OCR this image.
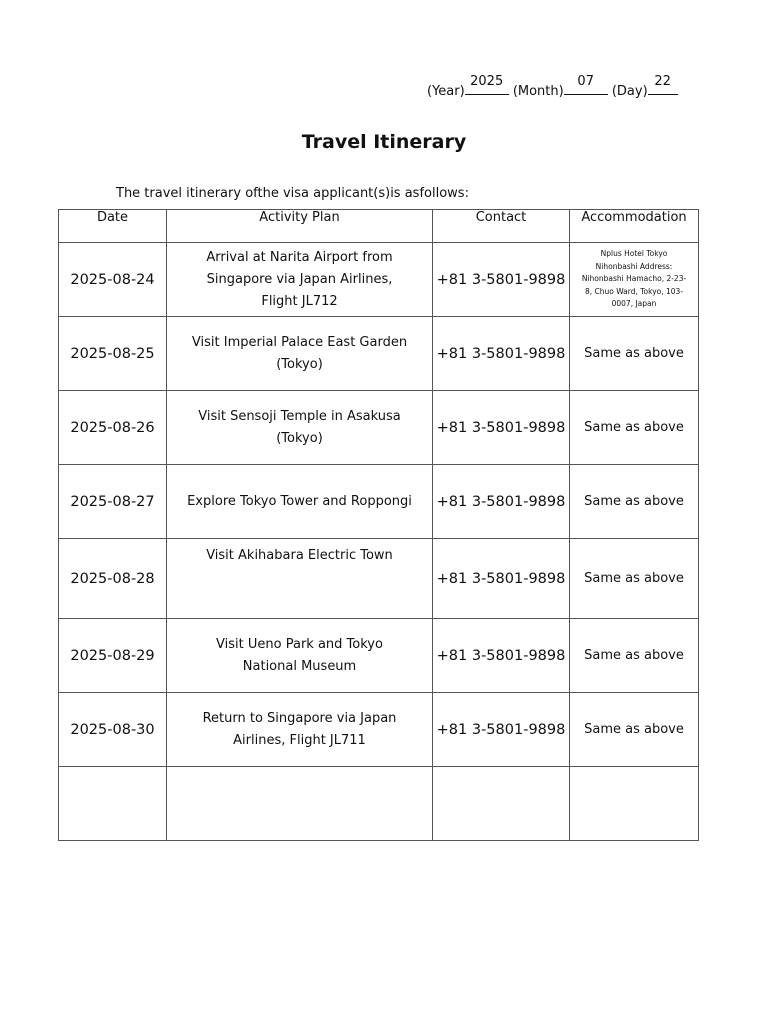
(Year)
2025
(Month)
07
(Day)
22
Travel Itinerary
The travel itinerary ofthe visa applicant(s)is asfollows:
Date	Activity Plan	Contact	Accommodation
2025-08-24	Arrival at Narita Airport from Singapore via Japan Airlines, Flight JL712	+81 3-5801-9898	Nplus Hotel Tokyo Nihonbashi Address: Nihonbashi Hamacho, 2-23-8, Chuo Ward, Tokyo, 103-0007, Japan
2025-08-25	Visit Imperial Palace East Garden (Tokyo)	+81 3-5801-9898	Same as above
2025-08-26	Visit Sensoji Temple in Asakusa (Tokyo)	+81 3-5801-9898	Same as above
2025-08-27	Explore Tokyo Tower and Roppongi	+81 3-5801-9898	Same as above
2025-08-28	Visit Akihabara Electric Town	+81 3-5801-9898	Same as above
2025-08-29	Visit Ueno Park and Tokyo National Museum	+81 3-5801-9898	Same as above
2025-08-30	Return to Singapore via Japan Airlines, Flight JL711	+81 3-5801-9898	Same as above
